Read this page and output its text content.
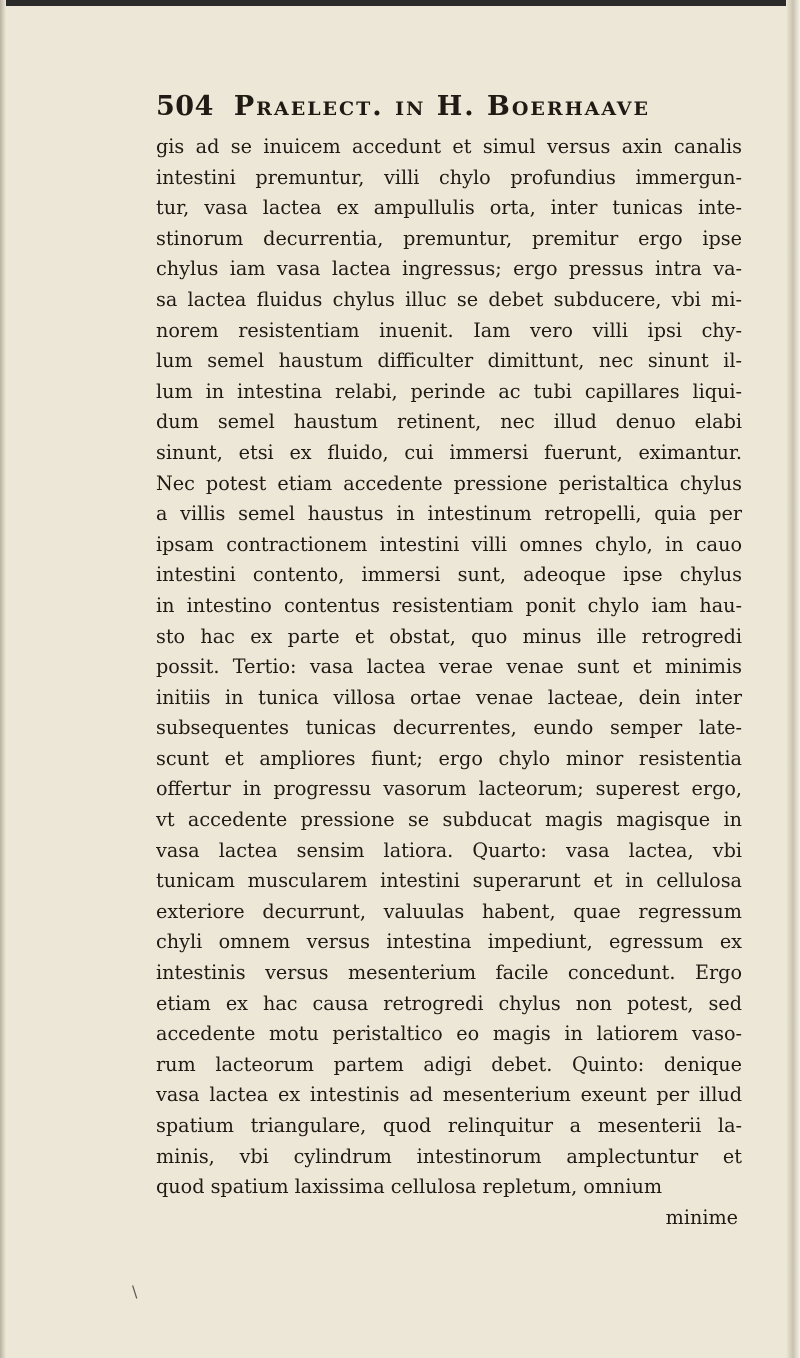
504 Praelect. in H. Boerhaave

gis ad se inuicem accedunt et simul versus axin canalis

intestini premuntur, villi chylo profundius immergun-

tur, vasa lactea ex ampullulis orta, inter tunicas inte-

stinorum decurrentia, premuntur, premitur ergo ipse

chylus iam vasa lactea ingressus; ergo pressus intra va-

sa lactea fluidus chylus illuc se debet subducere, vbi mi-

norem resistentiam inuenit. Iam vero villi ipsi chy-

lum semel haustum difficulter dimittunt, nec sinunt il-

lum in intestina relabi, perinde ac tubi capillares liqui-

dum semel haustum retinent, nec illud denuo elabi

sinunt, etsi ex fluido, cui immersi fuerunt, eximantur.

Nec potest etiam accedente pressione peristaltica chylus

a villis semel haustus in intestinum retropelli, quia per

ipsam contractionem intestini villi omnes chylo, in cauo

intestini contento, immersi sunt, adeoque ipse chylus

in intestino contentus resistentiam ponit chylo iam hau-

sto hac ex parte et obstat, quo minus ille retrogredi

possit. Tertio: vasa lactea verae venae sunt et minimis

initiis in tunica villosa ortae venae lacteae, dein inter

subsequentes tunicas decurrentes, eundo semper late-

scunt et ampliores fiunt; ergo chylo minor resistentia

offertur in progressu vasorum lacteorum; superest ergo,

vt accedente pressione se subducat magis magisque in

vasa lactea sensim latiora. Quarto: vasa lactea, vbi

tunicam muscularem intestini superarunt et in cellulosa

exteriore decurrunt, valuulas habent, quae regressum

chyli omnem versus intestina impediunt, egressum ex

intestinis versus mesenterium facile concedunt. Ergo

etiam ex hac causa retrogredi chylus non potest, sed

accedente motu peristaltico eo magis in latiorem vaso-

rum lacteorum partem adigi debet. Quinto: denique

vasa lactea ex intestinis ad mesenterium exeunt per illud

spatium triangulare, quod relinquitur a mesenterii la-

minis, vbi cylindrum intestinorum amplectuntur et

quod spatium laxissima cellulosa repletum, omnium

minime
\
